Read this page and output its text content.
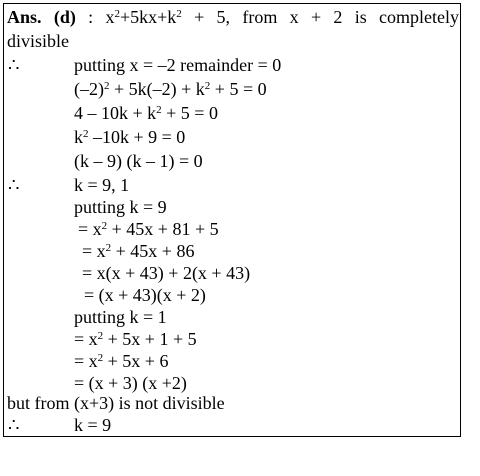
Ans. (d) : $x^2+5kx+k^2 + 5$, from x + 2 is completely
divisible
∴	putting x = –2 remainder = 0
$(-2)^2 + 5k(-2) + k^2 + 5 = 0$
$4 - 10k + k^2 + 5 = 0$
$k^2$ –10k + 9 = 0
(k – 9) (k – 1) = 0
∴	k = 9, 1
putting k = 9
= $x^2 + 45x + 81 + 5$
= $x^2 + 45x + 86$
= x(x + 43) + 2(x + 43)
= (x + 43)(x + 2)
putting k = 1
= $x^2 + 5x + 1 + 5$
= $x^2 + 5x + 6$
= (x + 3) (x +2)
but from (x+3) is not divisible
∴	k = 9
